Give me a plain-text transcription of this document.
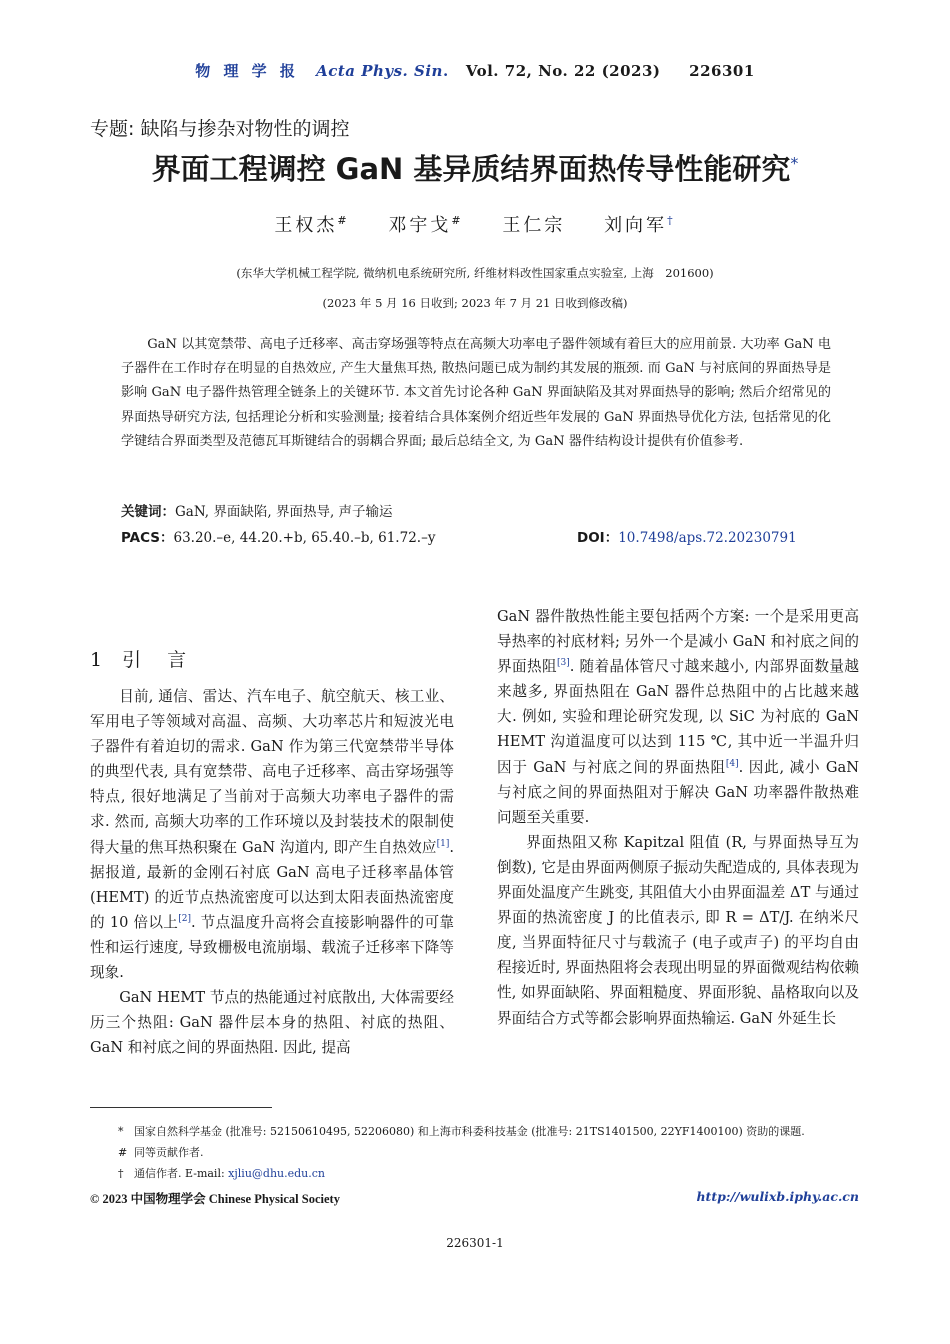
物 理 学 报 Acta Phys. Sin. Vol. 72, No. 22 (2023) 226301
专题: 缺陷与掺杂对物性的调控
界面工程调控 GaN 基异质结界面热传导性能研究*
王权杰# 邓宇戈# 王仁宗 刘向军†
(东华大学机械工程学院, 微纳机电系统研究所, 纤维材料改性国家重点实验室, 上海　201600)
(2023 年 5 月 16 日收到; 2023 年 7 月 21 日收到修改稿)
GaN 以其宽禁带、高电子迁移率、高击穿场强等特点在高频大功率电子器件领域有着巨大的应用前景. 大功率 GaN 电子器件在工作时存在明显的自热效应, 产生大量焦耳热, 散热问题已成为制约其发展的瓶颈. 而 GaN 与衬底间的界面热导是影响 GaN 电子器件热管理全链条上的关键环节. 本文首先讨论各种 GaN 界面缺陷及其对界面热导的影响; 然后介绍常见的界面热导研究方法, 包括理论分析和实验测量; 接着结合具体案例介绍近些年发展的 GaN 界面热导优化方法, 包括常见的化学键结合界面类型及范德瓦耳斯键结合的弱耦合界面; 最后总结全文, 为 GaN 器件结构设计提供有价值参考.
关键词：GaN, 界面缺陷, 界面热导, 声子输运
PACS：63.20.–e, 44.20.+b, 65.40.–b, 61.72.–y	DOI：10.7498/aps.72.20230791
1 引言

目前, 通信、雷达、汽车电子、航空航天、核工业、军用电子等领域对高温、高频、大功率芯片和短波光电子器件有着迫切的需求. GaN 作为第三代宽禁带半导体的典型代表, 具有宽禁带、高电子迁移率、高击穿场强等特点, 很好地满足了当前对于高频大功率电子器件的需求. 然而, 高频大功率的工作环境以及封装技术的限制使得大量的焦耳热积聚在 GaN 沟道内, 即产生自热效应[1]. 据报道, 最新的金刚石衬底 GaN 高电子迁移率晶体管 (HEMT) 的近节点热流密度可以达到太阳表面热流密度的 10 倍以上[2]. 节点温度升高将会直接影响器件的可靠性和运行速度, 导致栅极电流崩塌、载流子迁移率下降等现象.

GaN HEMT 节点的热能通过衬底散出, 大体需要经历三个热阻: GaN 器件层本身的热阻、衬底的热阻、GaN 和衬底之间的界面热阻. 因此, 提高

GaN 器件散热性能主要包括两个方案: 一个是采用更高导热率的衬底材料; 另外一个是减小 GaN 和衬底之间的界面热阻[3]. 随着晶体管尺寸越来越小, 内部界面数量越来越多, 界面热阻在 GaN 器件总热阻中的占比越来越大. 例如, 实验和理论研究发现, 以 SiC 为衬底的 GaN HEMT 沟道温度可以达到 115 ℃, 其中近一半温升归因于 GaN 与衬底之间的界面热阻[4]. 因此, 减小 GaN 与衬底之间的界面热阻对于解决 GaN 功率器件散热难问题至关重要.

界面热阻又称 Kapitzal 阻值 (R, 与界面热导互为倒数), 它是由界面两侧原子振动失配造成的, 具体表现为界面处温度产生跳变, 其阻值大小由界面温差 ΔT 与通过界面的热流密度 J 的比值表示, 即 R = ΔT/J. 在纳米尺度, 当界面特征尺寸与载流子 (电子或声子) 的平均自由程接近时, 界面热阻将会表现出明显的界面微观结构依赖性, 如界面缺陷、界面粗糙度、界面形貌、晶格取向以及界面结合方式等都会影响界面热输运. GaN 外延生长

* 国家自然科学基金 (批准号: 52150610495, 52206080) 和上海市科委科技基金 (批准号: 21TS1401500, 22YF1400100) 资助的课题.
# 同等贡献作者.
† 通信作者. E-mail: xjliu@dhu.edu.cn
© 2023 中国物理学会 Chinese Physical Society	http://wulixb.iphy.ac.cn
226301-1
